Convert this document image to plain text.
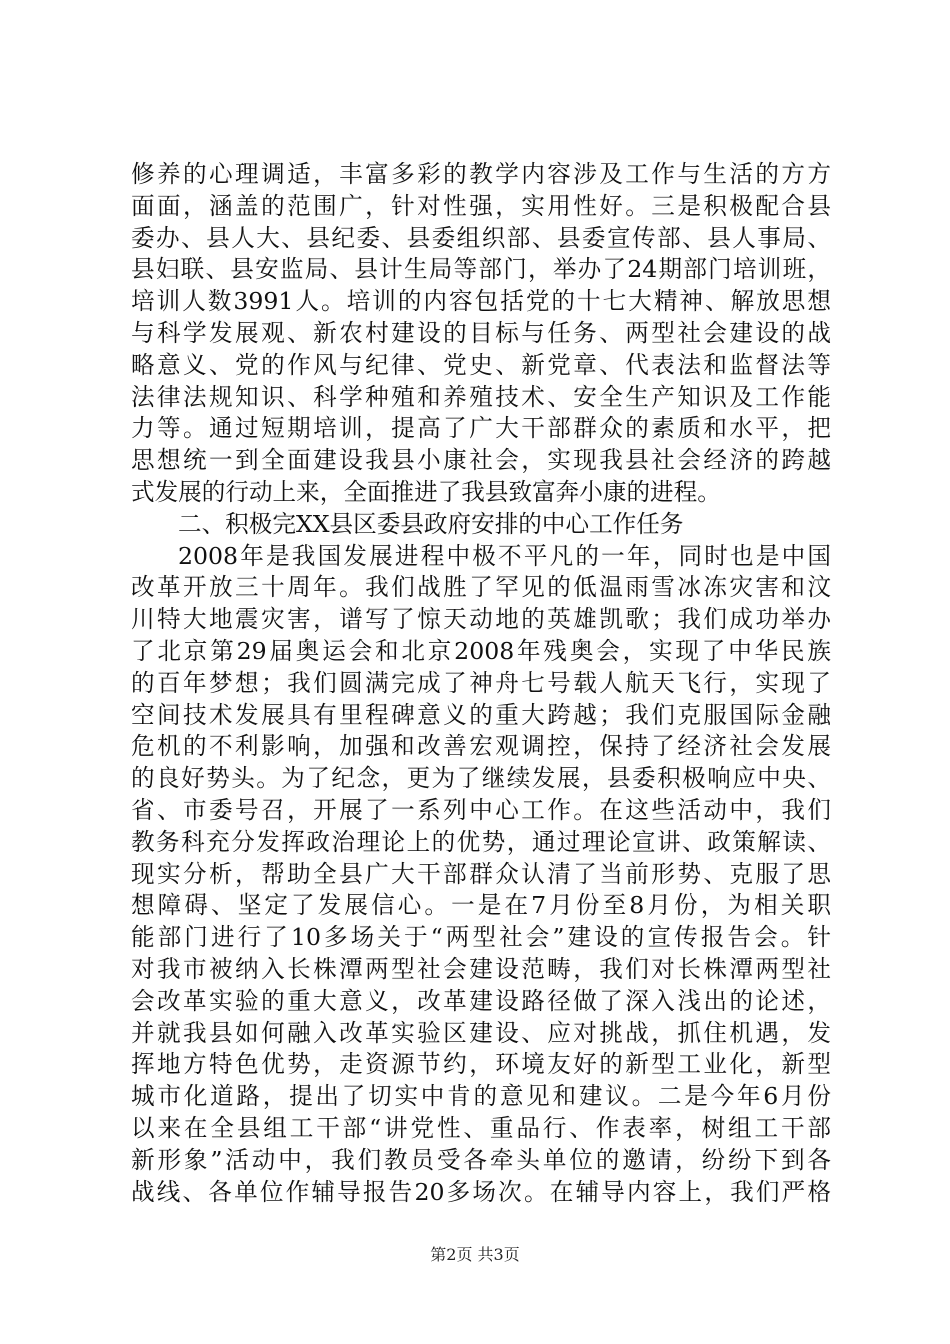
修养的心理调适，丰富多彩的教学内容涉及工作与生活的方方
面面，涵盖的范围广，针对性强，实用性好。三是积极配合县
委办、县人大、县纪委、县委组织部、县委宣传部、县人事局、
县妇联、县安监局、县计生局等部门，举办了24期部门培训班，
培训人数3991人。培训的内容包括党的十七大精神、解放思想
与科学发展观、新农村建设的目标与任务、两型社会建设的战
略意义、党的作风与纪律、党史、新党章、代表法和监督法等
法律法规知识、科学种殖和养殖技术、安全生产知识及工作能
力等。通过短期培训，提高了广大干部群众的素质和水平，把
思想统一到全面建设我县小康社会，实现我县社会经济的跨越
式发展的行动上来，全面推进了我县致富奔小康的进程。
二、积极完XX县区委县政府安排的中心工作任务
2008年是我国发展进程中极不平凡的一年，同时也是中国
改革开放三十周年。我们战胜了罕见的低温雨雪冰冻灾害和汶
川特大地震灾害，谱写了惊天动地的英雄凯歌；我们成功举办
了北京第29届奥运会和北京2008年残奥会，实现了中华民族
的百年梦想；我们圆满完成了神舟七号载人航天飞行，实现了
空间技术发展具有里程碑意义的重大跨越；我们克服国际金融
危机的不利影响，加强和改善宏观调控，保持了经济社会发展
的良好势头。为了纪念，更为了继续发展，县委积极响应中央、
省、市委号召，开展了一系列中心工作。在这些活动中，我们
教务科充分发挥政治理论上的优势，通过理论宣讲、政策解读、
现实分析，帮助全县广大干部群众认清了当前形势、克服了思
想障碍、坚定了发展信心。一是在7月份至8月份，为相关职
能部门进行了10多场关于“两型社会”建设的宣传报告会。针
对我市被纳入长株潭两型社会建设范畴，我们对长株潭两型社
会改革实验的重大意义，改革建设路径做了深入浅出的论述，
并就我县如何融入改革实验区建设、应对挑战，抓住机遇，发
挥地方特色优势，走资源节约，环境友好的新型工业化，新型
城市化道路，提出了切实中肯的意见和建议。二是今年6月份
以来在全县组工干部“讲党性、重品行、作表率，树组工干部
新形象”活动中，我们教员受各牵头单位的邀请，纷纷下到各
战线、各单位作辅导报告20多场次。在辅导内容上，我们严格
第2页 共3页
